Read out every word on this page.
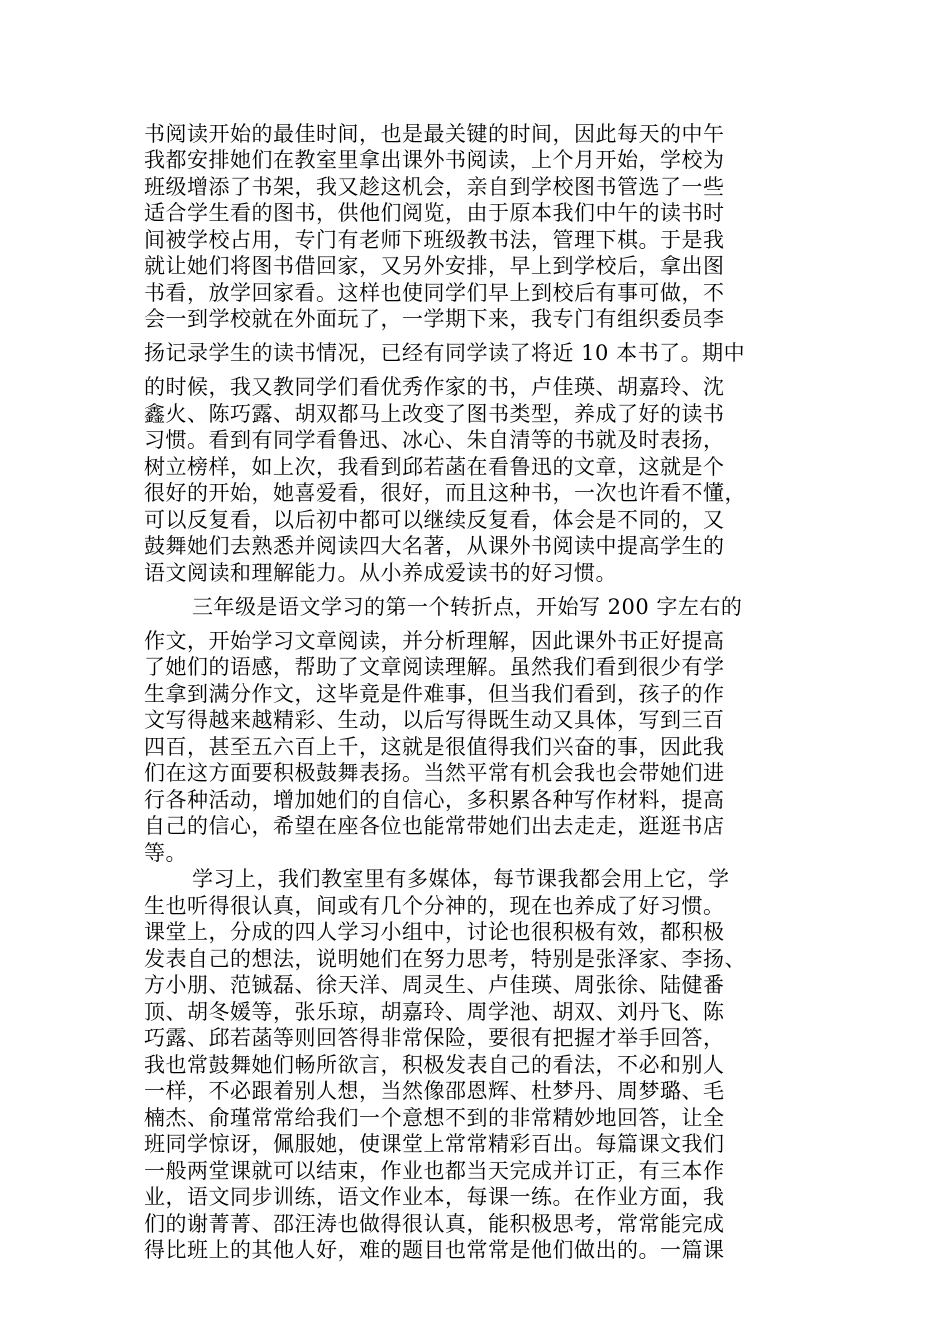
书阅读开始的最佳时间，也是最关键的时间，因此每天的中午
我都安排她们在教室里拿出课外书阅读，上个月开始，学校为
班级增添了书架，我又趁这机会，亲自到学校图书管选了一些
适合学生看的图书，供他们阅览，由于原本我们中午的读书时
间被学校占用，专门有老师下班级教书法，管理下棋。于是我
就让她们将图书借回家，又另外安排，早上到学校后，拿出图
书看，放学回家看。这样也使同学们早上到校后有事可做，不
会一到学校就在外面玩了，一学期下来，我专门有组织委员李
扬记录学生的读书情况，已经有同学读了将近 10 本书了。期中
的时候，我又教同学们看优秀作家的书，卢佳瑛、胡嘉玲、沈
鑫火、陈巧露、胡双都马上改变了图书类型，养成了好的读书
习惯。看到有同学看鲁迅、冰心、朱自清等的书就及时表扬，
树立榜样，如上次，我看到邱若菡在看鲁迅的文章，这就是个
很好的开始，她喜爱看，很好，而且这种书，一次也许看不懂，
可以反复看，以后初中都可以继续反复看，体会是不同的，又
鼓舞她们去熟悉并阅读四大名著，从课外书阅读中提高学生的
语文阅读和理解能力。从小养成爱读书的好习惯。
三年级是语文学习的第一个转折点，开始写 200 字左右的
作文，开始学习文章阅读，并分析理解，因此课外书正好提高
了她们的语感，帮助了文章阅读理解。虽然我们看到很少有学
生拿到满分作文，这毕竟是件难事，但当我们看到，孩子的作
文写得越来越精彩、生动，以后写得既生动又具体，写到三百
四百，甚至五六百上千，这就是很值得我们兴奋的事，因此我
们在这方面要积极鼓舞表扬。当然平常有机会我也会带她们进
行各种活动，增加她们的自信心，多积累各种写作材料，提高
自己的信心，希望在座各位也能常带她们出去走走，逛逛书店
等。
学习上，我们教室里有多媒体，每节课我都会用上它，学
生也听得很认真，间或有几个分神的，现在也养成了好习惯。
课堂上，分成的四人学习小组中，讨论也很积极有效，都积极
发表自己的想法，说明她们在努力思考，特别是张泽家、李扬、
方小朋、范铖磊、徐天洋、周灵生、卢佳瑛、周张徐、陆健番
顶、胡冬媛等，张乐琼，胡嘉玲、周学池、胡双、刘丹飞、陈
巧露、邱若菡等则回答得非常保险，要很有把握才举手回答，
我也常鼓舞她们畅所欲言，积极发表自己的看法，不必和别人
一样，不必跟着别人想，当然像邵恩辉、杜梦丹、周梦璐、毛
楠杰、俞瑾常常给我们一个意想不到的非常精妙地回答，让全
班同学惊讶，佩服她，使课堂上常常精彩百出。每篇课文我们
一般两堂课就可以结束，作业也都当天完成并订正，有三本作
业，语文同步训练，语文作业本，每课一练。在作业方面，我
们的谢菁菁、邵汪涛也做得很认真，能积极思考，常常能完成
得比班上的其他人好，难的题目也常常是他们做出的。一篇课
